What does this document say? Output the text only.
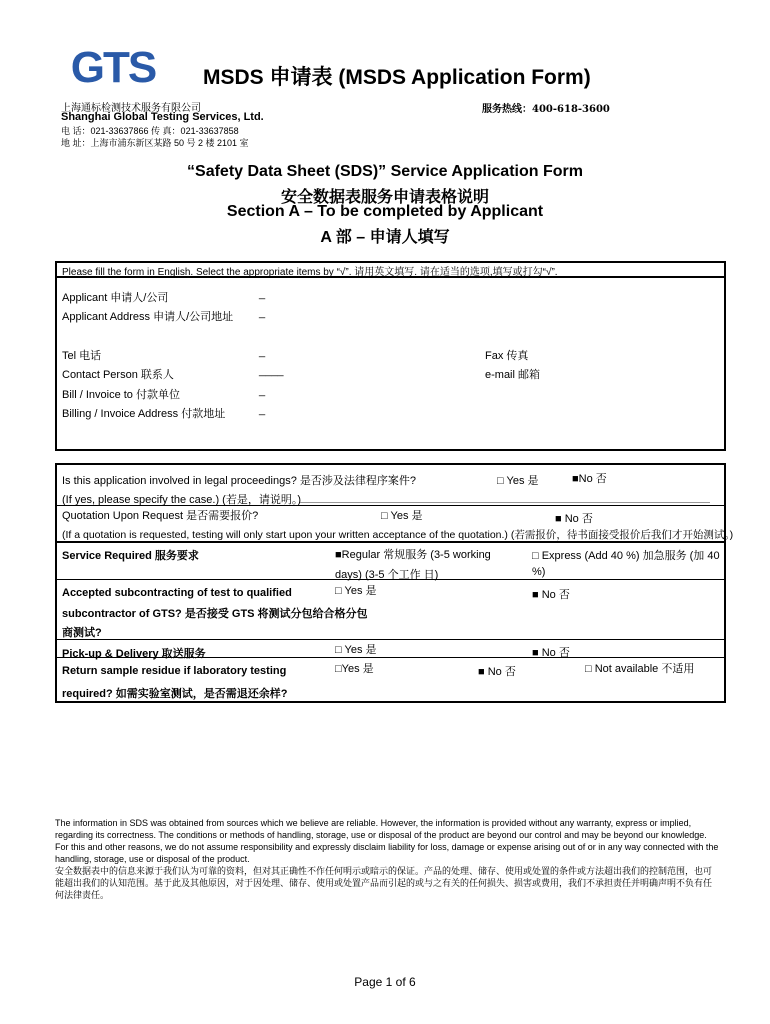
GTS MSDS 申请表 (MSDS Application Form)
上海通标检测技术服务有限公司	服务热线：400-618-3600
Shanghai Global Testing Services, Ltd.
电 话：021-33637866 传 真：021-33637858
地 址：上海市浦东新区某路 50 号 2 楼 2101 室
“Safety Data Sheet (SDS)” Service Application Form
安全数据表服务申请表格说明
Section A – To be completed by Applicant
A 部 – 申请人填写
Please fill the form in English. Select the appropriate items by “√”. 请用英文填写. 请在适当的选项,填写或打勾“√”.
Applicant 申请人/公司	_
Applicant Address 申请人/公司地址 _
Tel 电话	_	Fax 传真
Contact Person 联系人	____	e-mail 邮箱
Bill / Invoice to 付款单位	_
Billing / Invoice Address 付款地址	_
Is this application involved in legal proceedings? 是否涉及法律程序案件?	□ Yes 是	■No 否
(If yes, please specify the case.) (若是，请说明。)
Quotation Upon Request 是否需要报价?	□ Yes 是	■ No 否
(If a quotation is requested, testing will only start upon your written acceptance of the quotation.) (若需报价，待书面接受报价后我们才开始测试。)
Service Required 服务要求	■Regular 常规服务 (3-5 working
days) (3-5 个工作 日)
□ Express (Add 40 %) 加急服务 (加 40
%)
Accepted subcontracting of test to qualified
subcontractor of GTS? 是否接受 GTS 将测试分包给合格分包
商测试?
□ Yes 是	■ No 否
Pick-up & Delivery 取送服务	□ Yes 是	■ No 否
Return sample residue if laboratory testing
required? 如需实验室测试，是否需退还余样?
□Yes 是	■ No 否	□ Not available 不适用
The information in SDS was obtained from sources which we believe are reliable. However, the information is provided without any warranty, express or implied, regarding its correctness. The conditions or methods of handling, storage, use or disposal of the product are beyond our control and may be beyond our knowledge. For this and other reasons, we do not assume responsibility and expressly disclaim liability for loss, damage or expense arising out of or in any way connected with the handling, storage, use or disposal of the product.
安全数据表中的信息来源于我们认为可靠的资料，但对其正确性不作任何明示或暗示的保证。产品的处理、储存、使用或处置的条件或方法超出我们的控制范围，也可能超出我们的认知范围。基于此及其他原因，对于因处理、储存、使用或处置产品而引起的或与之有关的任何损失、损害或费用，我们不承担责任并明确声明不负有任何法律责任。
Page 1 of 6
